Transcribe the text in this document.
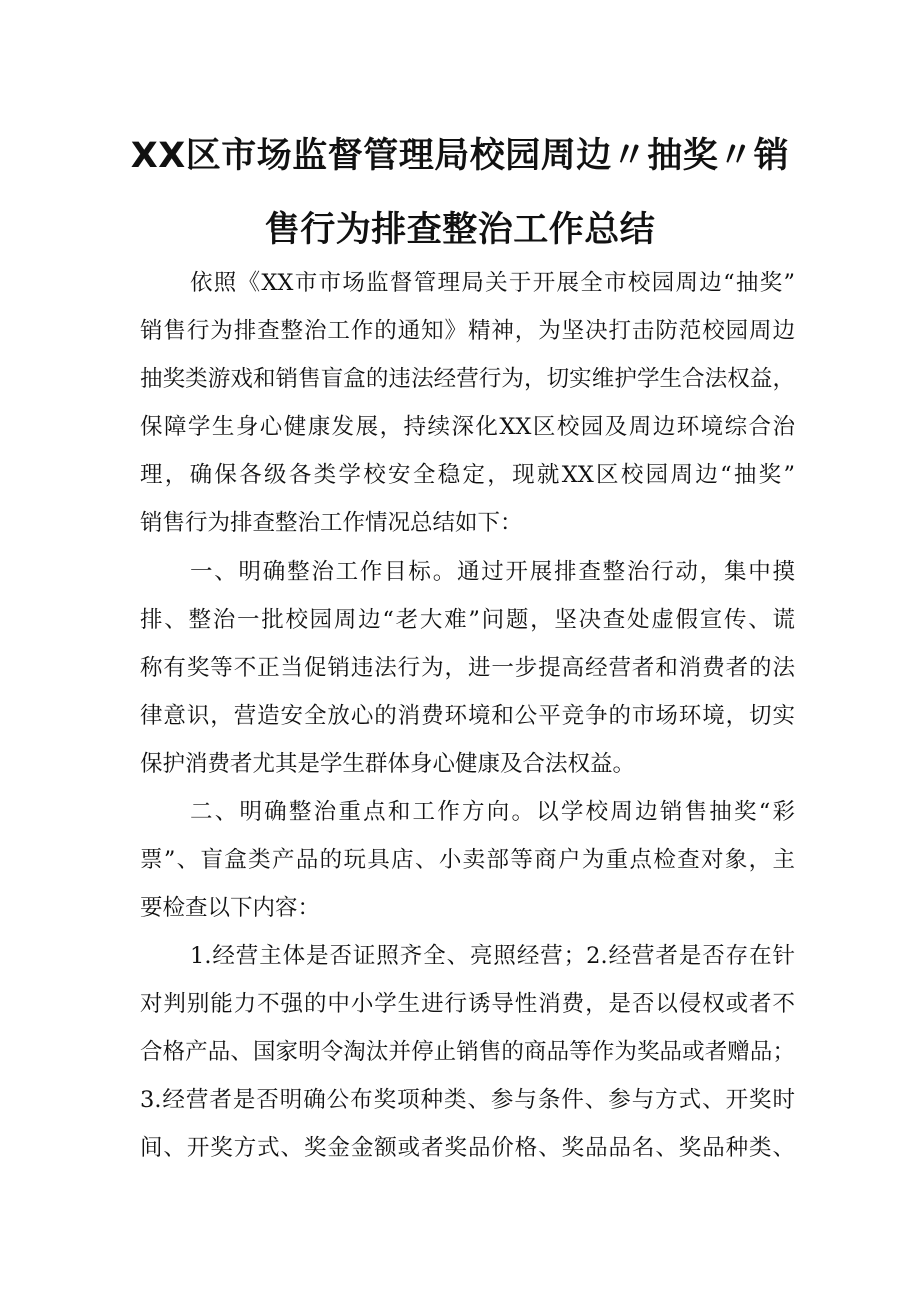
XX区市场监督管理局校园周边〃抽奖〃销
售行为排查整治工作总结
依照《XX市市场监督管理局关于开展全市校园周边“抽奖”
销售行为排查整治工作的通知》精神，为坚决打击防范校园周边
抽奖类游戏和销售盲盒的违法经营行为，切实维护学生合法权益，
保障学生身心健康发展，持续深化XX区校园及周边环境综合治
理，确保各级各类学校安全稳定，现就XX区校园周边“抽奖”
销售行为排查整治工作情况总结如下：
一、明确整治工作目标。通过开展排查整治行动，集中摸
排、整治一批校园周边“老大难”问题，坚决查处虚假宣传、谎
称有奖等不正当促销违法行为，进一步提高经营者和消费者的法
律意识，营造安全放心的消费环境和公平竞争的市场环境，切实
保护消费者尤其是学生群体身心健康及合法权益。
二、明确整治重点和工作方向。以学校周边销售抽奖“彩
票”、盲盒类产品的玩具店、小卖部等商户为重点检查对象，主
要检查以下内容：
1.经营主体是否证照齐全、亮照经营；2.经营者是否存在针
对判别能力不强的中小学生进行诱导性消费，是否以侵权或者不
合格产品、国家明令淘汰并停止销售的商品等作为奖品或者赠品；
3.经营者是否明确公布奖项种类、参与条件、参与方式、开奖时
间、开奖方式、奖金金额或者奖品价格、奖品品名、奖品种类、
